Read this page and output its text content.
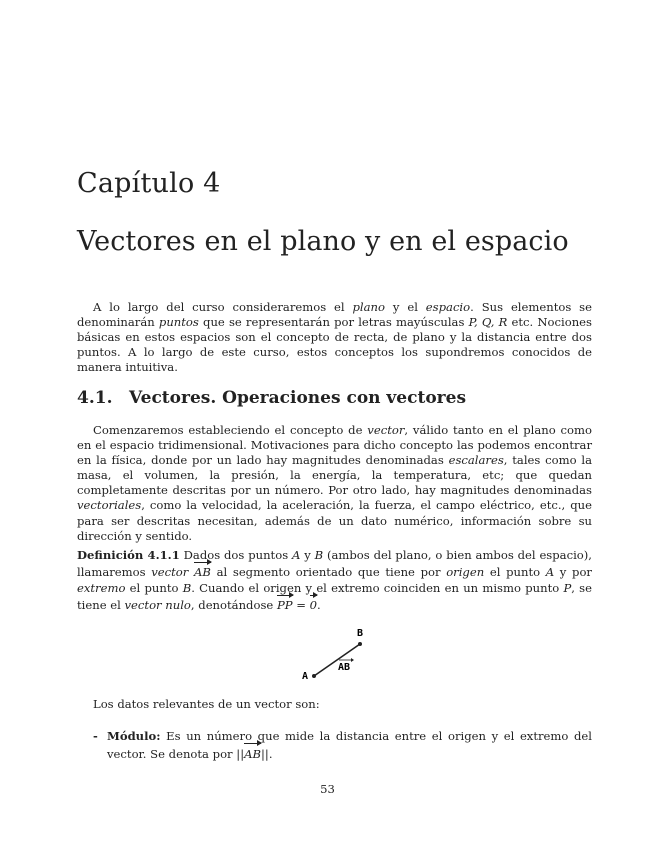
Capítulo 4
Vectores en el plano y en el espacio

A lo largo del curso consideraremos el plano y el espacio. Sus elementos se denominarán puntos que se representarán por letras mayúsculas P, Q, R etc. Nociones básicas en estos espacios son el concepto de recta, de plano y la distancia entre dos puntos. A lo largo de este curso, estos conceptos los supondremos conocidos de manera intuitiva.

4.1. Vectores. Operaciones con vectores

Comenzaremos estableciendo el concepto de vector, válido tanto en el plano como en el espacio tridimensional. Motivaciones para dicho concepto las podemos encontrar en la física, donde por un lado hay magnitudes denominadas escalares, tales como la masa, el volumen, la presión, la energía, la temperatura, etc; que quedan completamente descritas por un número. Por otro lado, hay magnitudes denominadas vectoriales, como la velocidad, la aceleración, la fuerza, el campo eléctrico, etc., que para ser descritas necesitan, además de un dato numérico, información sobre su dirección y sentido.

Definición 4.1.1 Dados dos puntos A y B (ambos del plano, o bien ambos del espacio), llamaremos vector AB al segmento orientado que tiene por origen el punto A y por extremo el punto B. Cuando el origen y el extremo coinciden en un mismo punto P, se tiene el vector nulo, denotándose PP = 0.

A
B
AB

Los datos relevantes de un vector son:

- Módulo: Es un número que mide la distancia entre el origen y el extremo del vector. Se denota por ||AB||.
53
